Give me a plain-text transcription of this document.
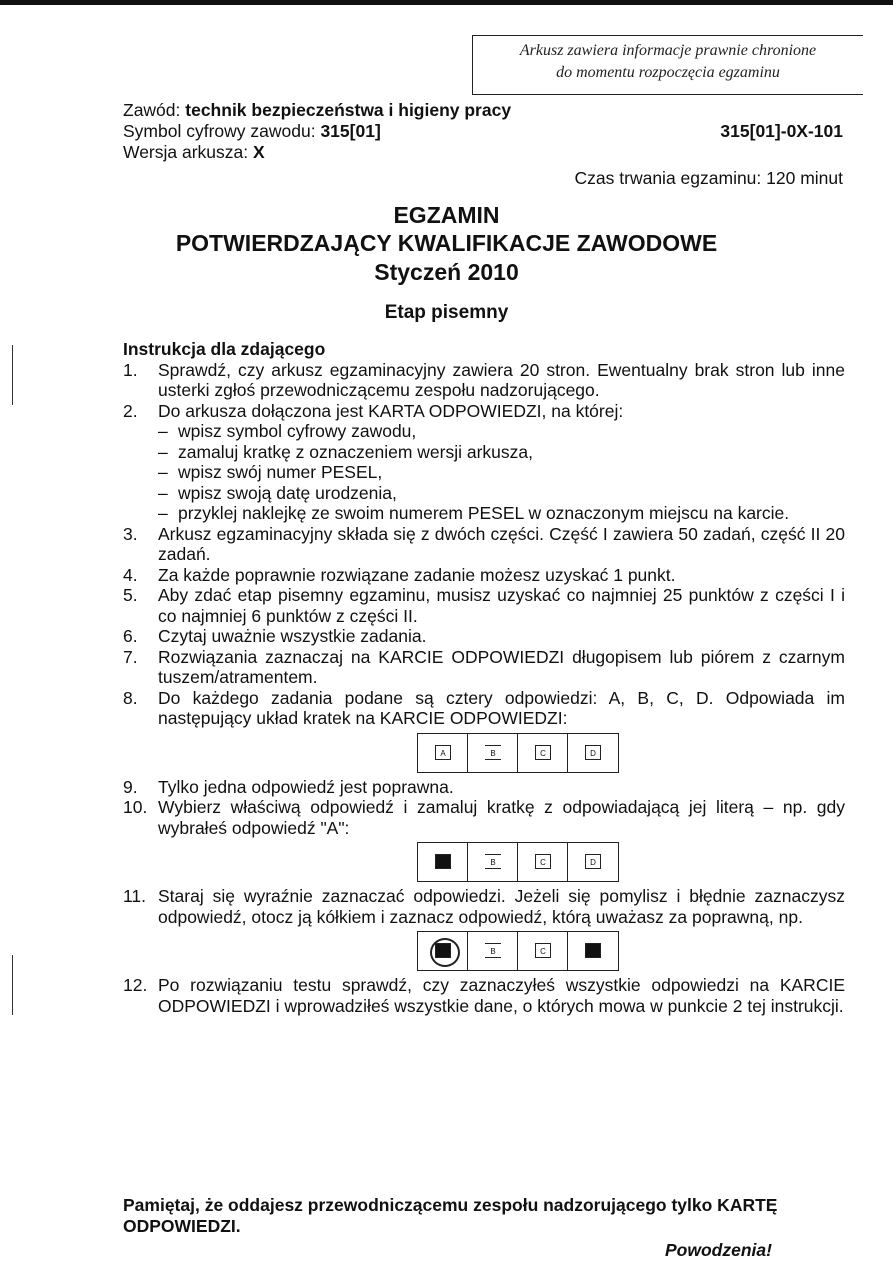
Arkusz zawiera informacje prawnie chronione
do momentu rozpoczęcia egzaminu
Zawód: technik bezpieczeństwa i higieny pracy
Symbol cyfrowy zawodu: 315[01]
Wersja arkusza: X
315[01]-0X-101
Czas trwania egzaminu: 120 minut
EGZAMIN
POTWIERDZAJĄCY KWALIFIKACJE ZAWODOWE
Styczeń 2010
Etap pisemny
Instrukcja dla zdającego
1. Sprawdź, czy arkusz egzaminacyjny zawiera 20 stron. Ewentualny brak stron lub inne usterki zgłoś przewodniczącemu zespołu nadzorującego.
2. Do arkusza dołączona jest KARTA ODPOWIEDZI, na której:
– wpisz symbol cyfrowy zawodu,
– zamaluj kratkę z oznaczeniem wersji arkusza,
– wpisz swój numer PESEL,
– wpisz swoją datę urodzenia,
– przyklej naklejkę ze swoim numerem PESEL w oznaczonym miejscu na karcie.
3. Arkusz egzaminacyjny składa się z dwóch części. Część I zawiera 50 zadań, część II 20 zadań.
4. Za każde poprawnie rozwiązane zadanie możesz uzyskać 1 punkt.
5. Aby zdać etap pisemny egzaminu, musisz uzyskać co najmniej 25 punktów z części I i co najmniej 6 punktów z części II.
6. Czytaj uważnie wszystkie zadania.
7. Rozwiązania zaznaczaj na KARCIE ODPOWIEDZI długopisem lub piórem z czarnym tuszem/atramentem.
8. Do każdego zadania podane są cztery odpowiedzi: A, B, C, D. Odpowiada im następujący układ kratek na KARCIE ODPOWIEDZI:
A	B	C	D
9. Tylko jedna odpowiedź jest poprawna.
10. Wybierz właściwą odpowiedź i zamaluj kratkę z odpowiadającą jej literą – np. gdy wybrałeś odpowiedź "A":
B	C	D
11. Staraj się wyraźnie zaznaczać odpowiedzi. Jeżeli się pomylisz i błędnie zaznaczysz odpowiedź, otocz ją kółkiem i zaznacz odpowiedź, którą uważasz za poprawną, np.
B	C
12. Po rozwiązaniu testu sprawdź, czy zaznaczyłeś wszystkie odpowiedzi na KARCIE ODPOWIEDZI i wprowadziłeś wszystkie dane, o których mowa w punkcie 2 tej instrukcji.
Pamiętaj, że oddajesz przewodniczącemu zespołu nadzorującego tylko KARTĘ ODPOWIEDZI.
Powodzenia!
